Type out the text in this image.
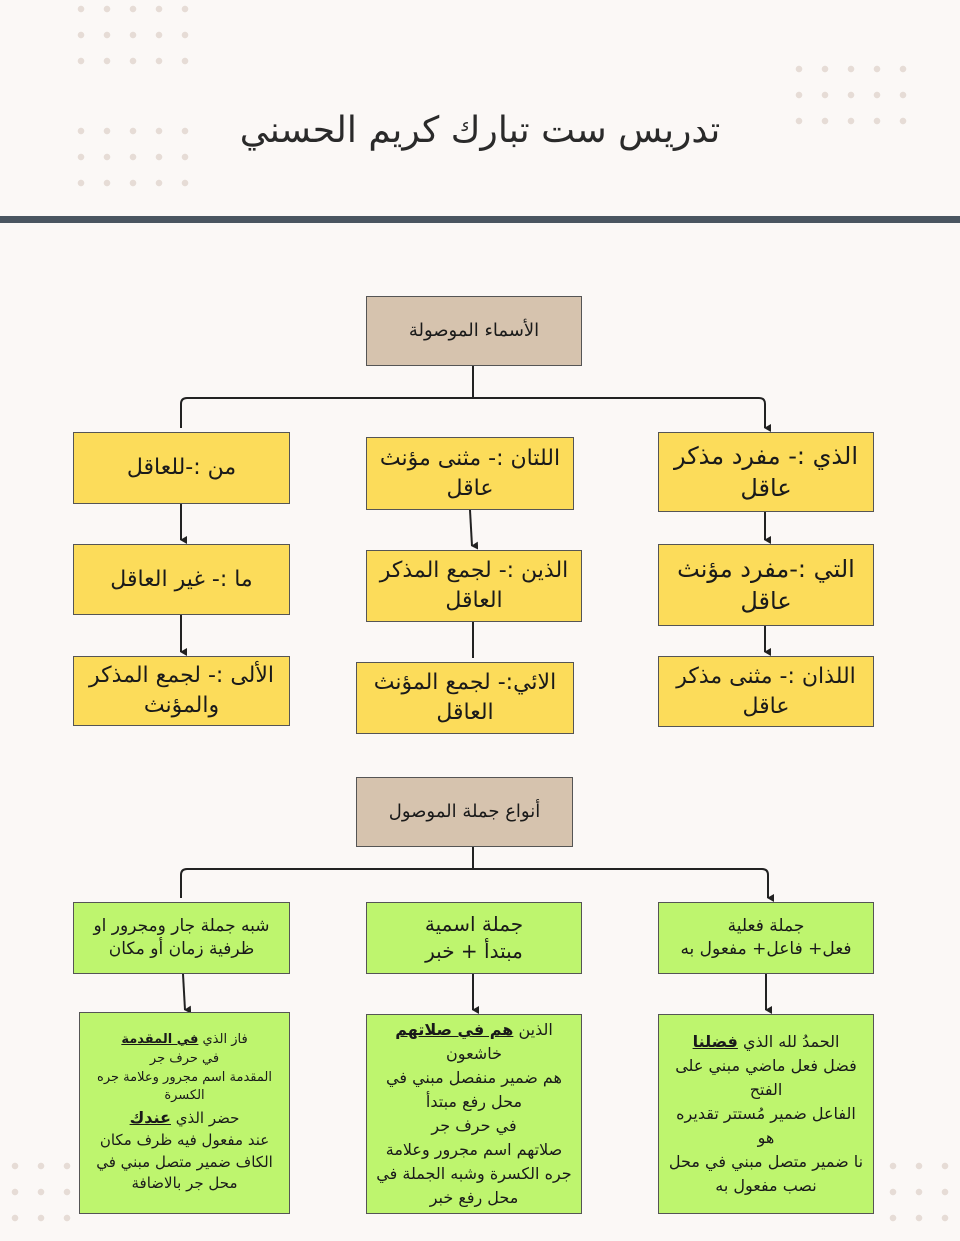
تدريس ست تبارك كريم الحسني
الأسماء الموصولة
الذي :- مفرد مذكر عاقل
التي :-مفرد مؤنث عاقل
اللذان :- مثنى مذكر عاقل
اللتان :- مثنى مؤنث عاقل
الذين :- لجمع المذكر العاقل
الائي:- لجمع المؤنث العاقل
من :-للعاقل
ما :- غير العاقل
الألى :- لجمع المذكر والمؤنث
أنواع جملة الموصول
جملة فعلية
فعل+ فاعل+ مفعول به
جملة اسمية
مبتدأ + خبر
شبه جملة جار ومجرور او ظرفية زمان أو مكان
الحمدُ لله الذي فضلنا
فضل فعل ماضي مبني على الفتح
الفاعل ضمير مُستتر تقديره هو
نا ضمير متصل مبني في محل نصب مفعول به
الذين هم في صلاتهم
خاشعون
هم ضمير منفصل مبني في محل رفع مبتدأ
في حرف جر
صلاتهم اسم مجرور وعلامة جره الكسرة وشبه الجملة في محل رفع خبر
فاز الذي في المقدمة
في حرف جر
المقدمة اسم مجرور وعلامة جره الكسرة
حضر الذي عندك
عند مفعول فيه ظرف مكان
الكاف ضمير متصل مبني في محل جر بالاضافة
